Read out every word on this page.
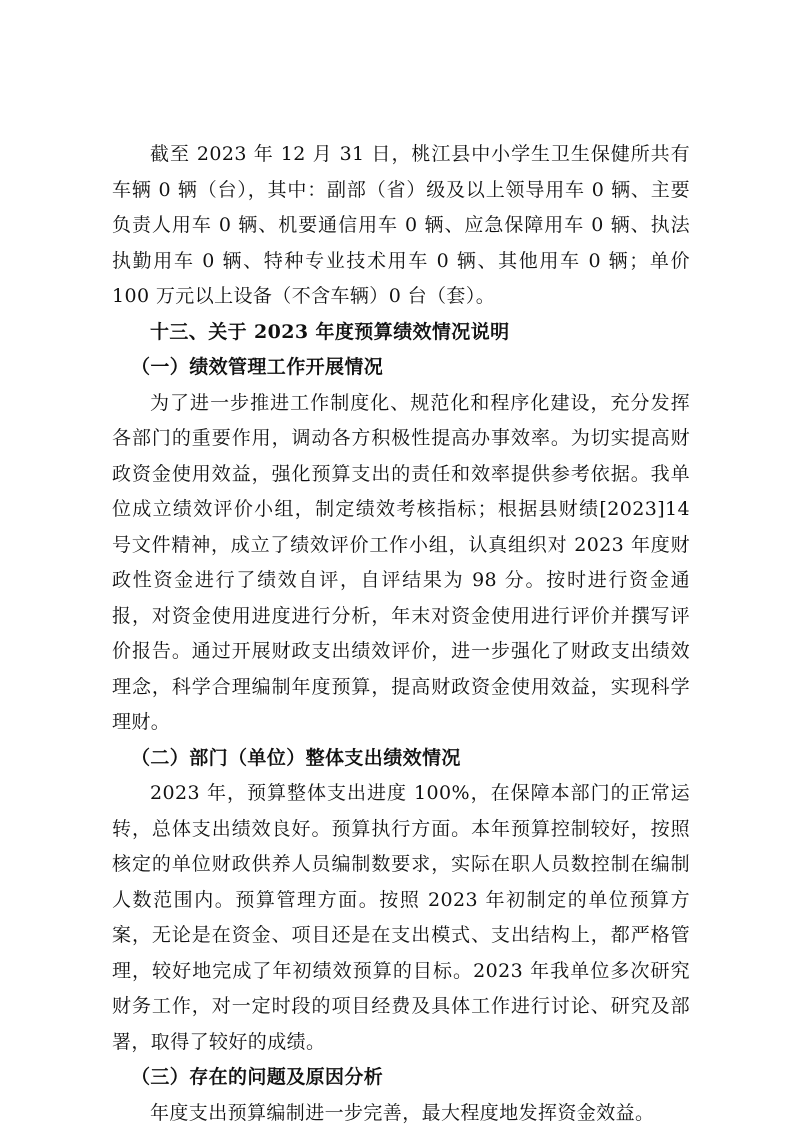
截至 2023 年 12 月 31 日，桃江县中小学生卫生保健所共有车辆 0 辆（台），其中：副部（省）级及以上领导用车 0 辆、主要负责人用车 0 辆、机要通信用车 0 辆、应急保障用车 0 辆、执法执勤用车 0 辆、特种专业技术用车 0 辆、其他用车 0 辆；单价 100 万元以上设备（不含车辆）0 台（套）。

十三、关于 2023 年度预算绩效情况说明
（一）绩效管理工作开展情况

为了进一步推进工作制度化、规范化和程序化建设，充分发挥各部门的重要作用，调动各方积极性提高办事效率。为切实提高财政资金使用效益，强化预算支出的责任和效率提供参考依据。我单位成立绩效评价小组，制定绩效考核指标；根据县财绩[2023]14 号文件精神，成立了绩效评价工作小组，认真组织对 2023 年度财政性资金进行了绩效自评，自评结果为 98 分。按时进行资金通报，对资金使用进度进行分析，年末对资金使用进行评价并撰写评价报告。通过开展财政支出绩效评价，进一步强化了财政支出绩效理念，科学合理编制年度预算，提高财政资金使用效益，实现科学理财。

（二）部门（单位）整体支出绩效情况

2023 年，预算整体支出进度 100%，在保障本部门的正常运转，总体支出绩效良好。预算执行方面。本年预算控制较好，按照核定的单位财政供养人员编制数要求，实际在职人员数控制在编制人数范围内。预算管理方面。按照 2023 年初制定的单位预算方案，无论是在资金、项目还是在支出模式、支出结构上，都严格管理，较好地完成了年初绩效预算的目标。2023 年我单位多次研究财务工作，对一定时段的项目经费及具体工作进行讨论、研究及部署，取得了较好的成绩。

（三）存在的问题及原因分析

年度支出预算编制进一步完善，最大程度地发挥资金效益。
